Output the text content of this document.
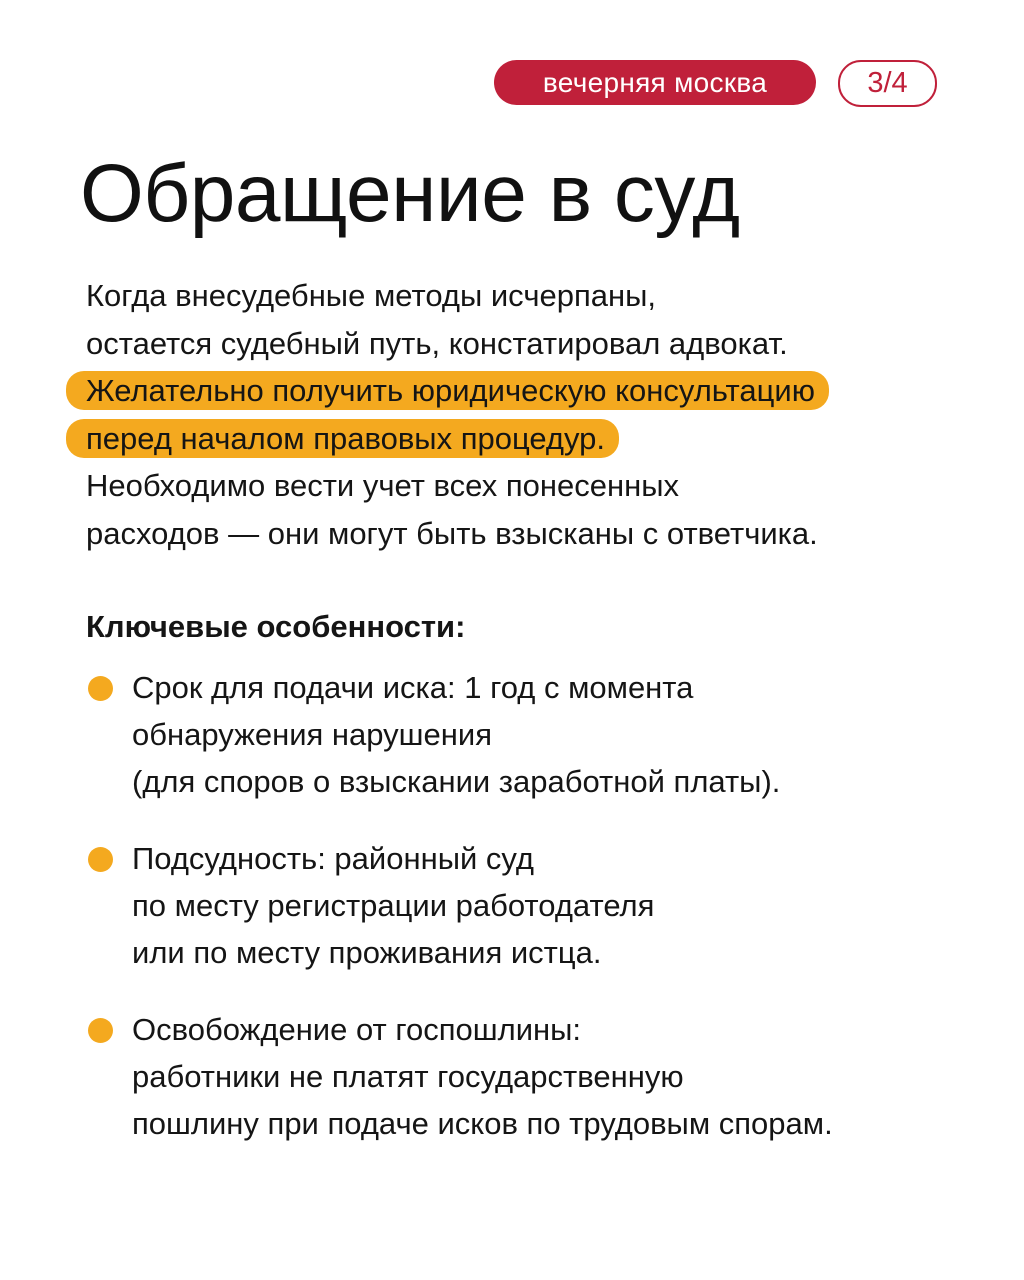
вечерняя москва	3/4
Обращение в суд
Когда внесудебные методы исчерпаны,
остается судебный путь, констатировал адвокат.
Желательно получить юридическую консультацию
перед началом правовых процедур.
Необходимо вести учет всех понесенных
расходов — они могут быть взысканы с ответчика.
Ключевые особенности:
Срок для подачи иска: 1 год с момента
обнаружения нарушения
(для споров о взыскании заработной платы).
Подсудность: районный суд
по месту регистрации работодателя
или по месту проживания истца.
Освобождение от госпошлины:
работники не платят государственную
пошлину при подаче исков по трудовым спорам.
